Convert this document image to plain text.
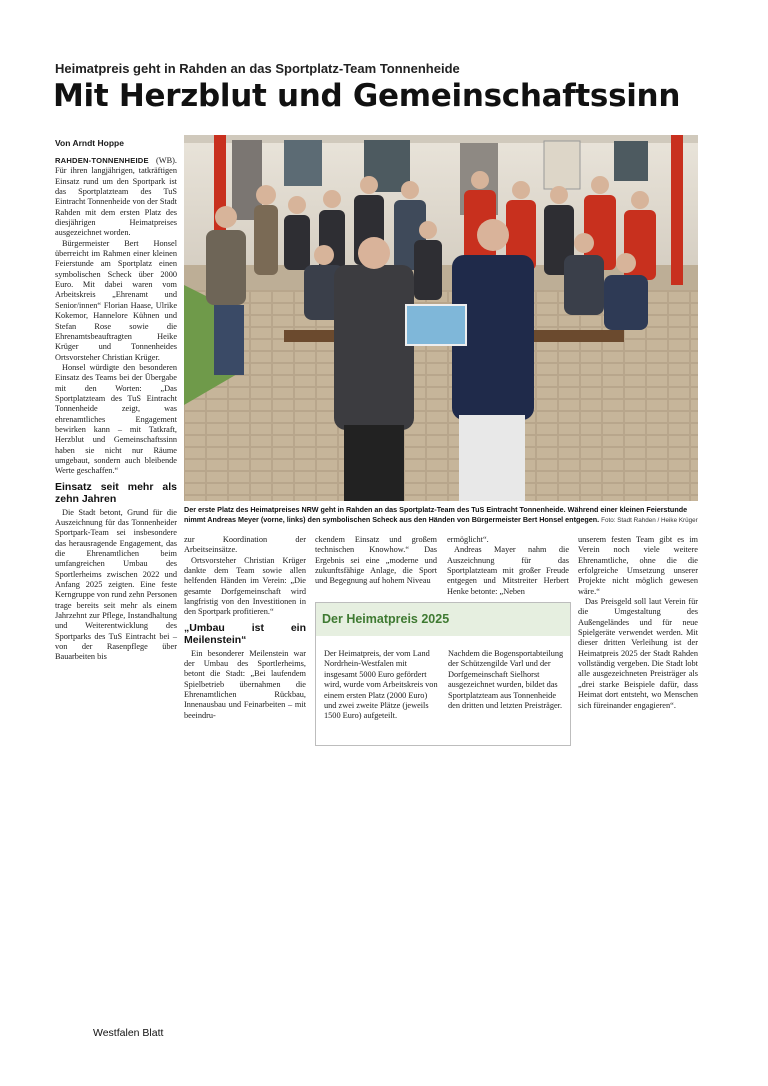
Heimatpreis geht in Rahden an das Sportplatz-Team Tonnenheide
Mit Herzblut und Gemeinschaftssinn
Von Arndt Hoppe

RAHDEN-TONNENHEIDE (WB). Für ihren langjährigen, tatkräftigen Einsatz rund um den Sportpark ist das Sportplatzteam des TuS Eintracht Tonnenheide von der Stadt Rahden mit dem ersten Platz des diesjährigen Heimatpreises ausgezeichnet worden.

Bürgermeister Bert Honsel überreicht im Rahmen einer kleinen Feierstunde am Sportplatz einen symbolischen Scheck über 2000 Euro. Mit dabei waren vom Arbeitskreis „Ehrenamt und Senior/innen“ Florian Haase, Ulrike Kokemor, Hannelore Kühnen und Stefan Rose sowie die Ehrenamtsbeauftragten Heike Krüger und Tonnenheides Ortsvorsteher Christian Krüger.

Honsel würdigte den besonderen Einsatz des Teams bei der Übergabe mit den Worten: „Das Sportplatzteam des TuS Eintracht Tonnenheide zeigt, was ehrenamtliches Engagement bewirken kann – mit Tatkraft, Herzblut und Gemeinschaftssinn haben sie nicht nur Räume umgebaut, sondern auch bleibende Werte geschaffen.“

Einsatz seit mehr als zehn Jahren

Die Stadt betont, Grund für die Auszeichnung für das Tonnenheider Sportpark-Team sei insbesondere das herausragende Engagement, das die Ehrenamtlichen beim umfangreichen Umbau des Sportlerheims zwischen 2022 und Anfang 2025 zeigten. Eine feste Kerngruppe von rund zehn Personen trage bereits seit mehr als einem Jahrzehnt zur Pflege, Instandhaltung und Weiterentwicklung des Sportparks des TuS Eintracht bei – von der Rasenpflege über Bauarbeiten bis

Der erste Platz des Heimatpreises NRW geht in Rahden an das Sportplatz-Team des TuS Eintracht Tonnenheide. Während einer kleinen Feierstunde nimmt Andreas Meyer (vorne, links) den symbolischen Scheck aus den Händen von Bürgermeister Bert Honsel entgegen. Foto: Stadt Rahden / Heike Krüger

zur Koordination der Arbeitseinsätze.

Ortsvorsteher Christian Krüger dankte dem Team sowie allen helfenden Händen im Verein: „Die gesamte Dorfgemeinschaft wird langfristig von den Investitionen in den Sportpark profitieren.“

„Umbau ist ein Meilenstein“

Ein besonderer Meilenstein war der Umbau des Sportlerheims, betont die Stadt: „Bei laufendem Spielbetrieb übernahmen die Ehrenamtlichen Rückbau, Innenausbau und Feinarbeiten – mit beeindru-

ckendem Einsatz und großem technischen Knowhow.“ Das Ergebnis sei eine „moderne und zukunftsfähige Anlage, die Sport und Begegnung auf hohem Niveau

ermöglicht“.

Andreas Mayer nahm die Auszeichnung für das Sportplatzteam mit großer Freude entgegen und Mitstreiter Herbert Henke betonte: „Neben

unserem festen Team gibt es im Verein noch viele weitere Ehrenamtliche, ohne die die erfolgreiche Umsetzung unserer Projekte nicht möglich gewesen wäre.“

Das Preisgeld soll laut Verein für die Umgestaltung des Außengeländes und für neue Spielgeräte verwendet werden. Mit dieser dritten Verleihung ist der Heimatpreis 2025 der Stadt Rahden vollständig vergeben. Die Stadt lobt alle ausgezeichneten Preisträger als „drei starke Beispiele dafür, dass Heimat dort entsteht, wo Menschen sich füreinander engagieren“.

Der Heimatpreis 2025
Der Heimatpreis, der vom Land Nordrhein-Westfalen mit insgesamt 5000 Euro gefördert wird, wurde vom Arbeitskreis von einem ersten Platz (2000 Euro) und zwei zweite Plätze (jeweils 1500 Euro) aufgeteilt.
Nachdem die Bogensportabteilung der Schützengilde Varl und der Dorfgemeinschaft Sielhorst ausgezeichnet wurden, bildet das Sportplatzteam aus Tonnenheide den dritten und letzten Preisträger.
Westfalen Blatt
